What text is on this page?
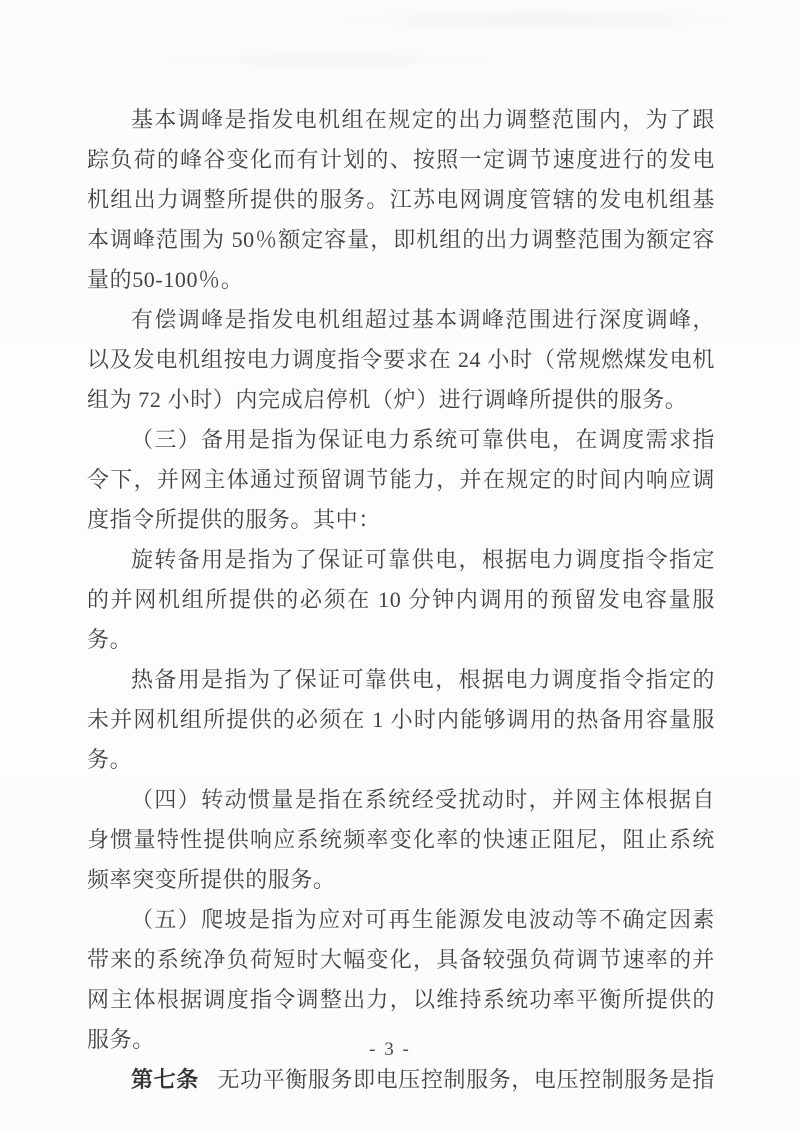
基本调峰是指发电机组在规定的出力调整范围内，为了跟踪负荷的峰谷变化而有计划的、按照一定调节速度进行的发电机组出力调整所提供的服务。江苏电网调度管辖的发电机组基本调峰范围为 50％额定容量，即机组的出力调整范围为额定容量的50-100％。

有偿调峰是指发电机组超过基本调峰范围进行深度调峰，以及发电机组按电力调度指令要求在 24 小时（常规燃煤发电机组为 72 小时）内完成启停机（炉）进行调峰所提供的服务。

（三）备用是指为保证电力系统可靠供电，在调度需求指令下，并网主体通过预留调节能力，并在规定的时间内响应调度指令所提供的服务。其中：

旋转备用是指为了保证可靠供电，根据电力调度指令指定的并网机组所提供的必须在 10 分钟内调用的预留发电容量服务。

热备用是指为了保证可靠供电，根据电力调度指令指定的未并网机组所提供的必须在 1 小时内能够调用的热备用容量服务。

（四）转动惯量是指在系统经受扰动时，并网主体根据自身惯量特性提供响应系统频率变化率的快速正阻尼，阻止系统频率突变所提供的服务。

（五）爬坡是指为应对可再生能源发电波动等不确定因素带来的系统净负荷短时大幅变化，具备较强负荷调节速率的并网主体根据调度指令调整出力，以维持系统功率平衡所提供的服务。

第七条 无功平衡服务即电压控制服务，电压控制服务是指

- 3 -
